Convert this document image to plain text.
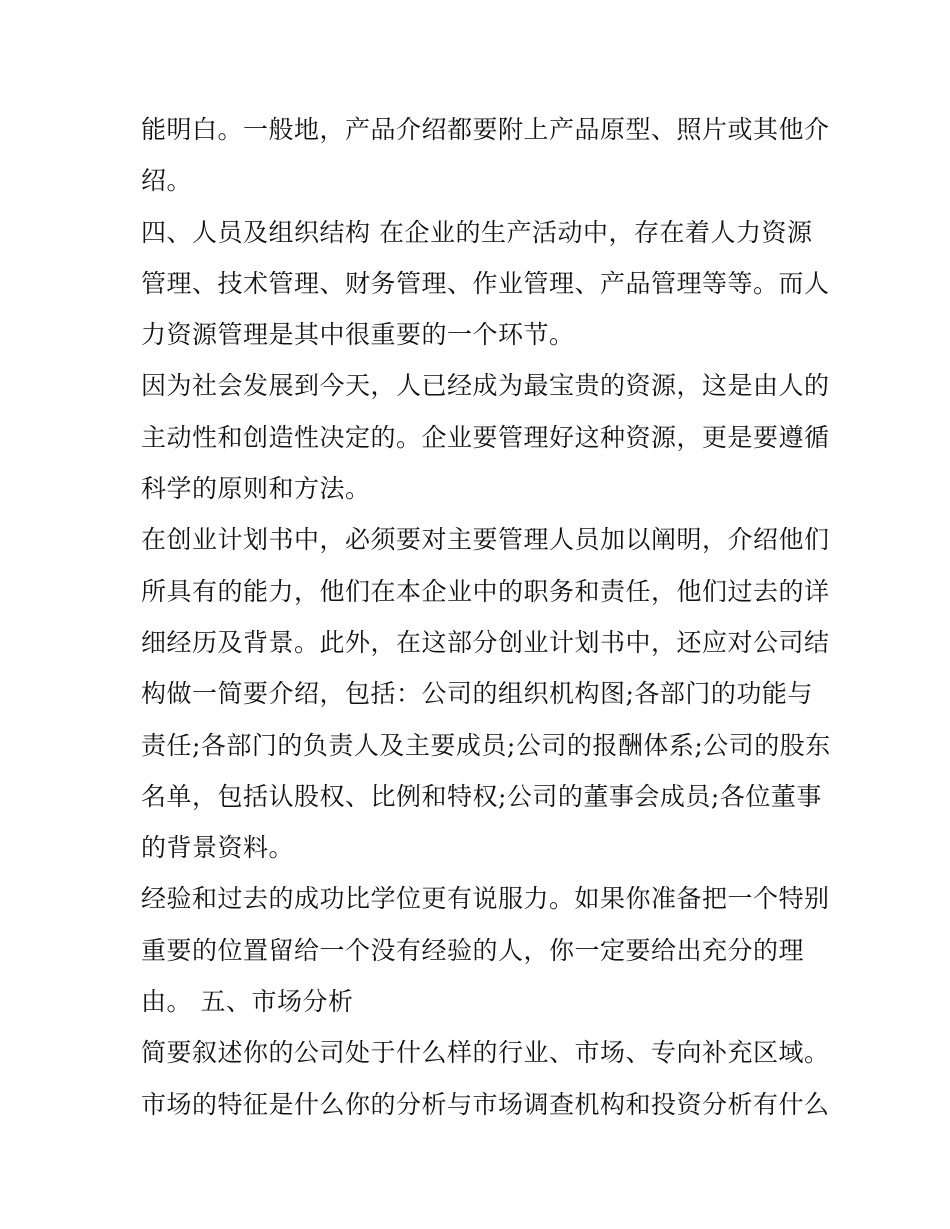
能明白。一般地，产品介绍都要附上产品原型、照片或其他介
绍。
四、人员及组织结构 在企业的生产活动中，存在着人力资源
管理、技术管理、财务管理、作业管理、产品管理等等。而人
力资源管理是其中很重要的一个环节。
因为社会发展到今天，人已经成为最宝贵的资源，这是由人的
主动性和创造性决定的。企业要管理好这种资源，更是要遵循
科学的原则和方法。
在创业计划书中，必须要对主要管理人员加以阐明，介绍他们
所具有的能力，他们在本企业中的职务和责任，他们过去的详
细经历及背景。此外，在这部分创业计划书中，还应对公司结
构做一简要介绍，包括：公司的组织机构图;各部门的功能与
责任;各部门的负责人及主要成员;公司的报酬体系;公司的股东
名单，包括认股权、比例和特权;公司的董事会成员;各位董事
的背景资料。
经验和过去的成功比学位更有说服力。如果你准备把一个特别
重要的位置留给一个没有经验的人，你一定要给出充分的理
由。 五、市场分析
简要叙述你的公司处于什么样的行业、市场、专向补充区域。
市场的特征是什么你的分析与市场调查机构和投资分析有什么
